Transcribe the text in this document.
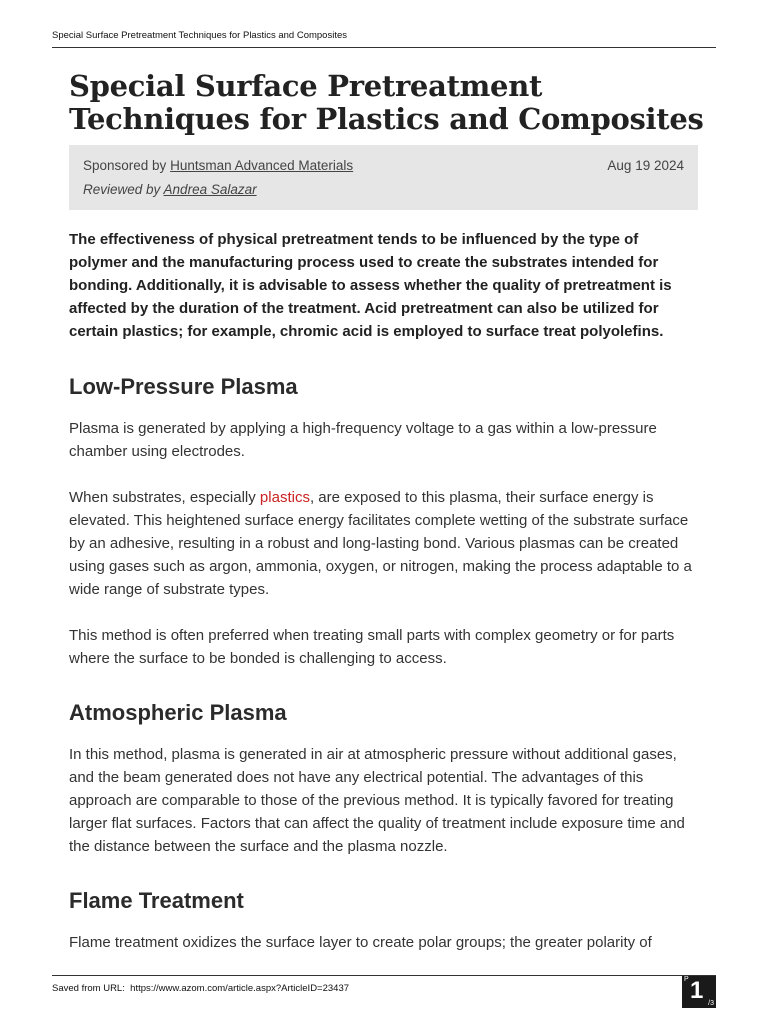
Special Surface Pretreatment Techniques for Plastics and Composites
Special Surface Pretreatment Techniques for Plastics and Composites
Sponsored by Huntsman Advanced Materials
Reviewed by Andrea Salazar
Aug 19 2024

The effectiveness of physical pretreatment tends to be influenced by the type of polymer and the manufacturing process used to create the substrates intended for bonding. Additionally, it is advisable to assess whether the quality of pretreatment is affected by the duration of the treatment. Acid pretreatment can also be utilized for certain plastics; for example, chromic acid is employed to surface treat polyolefins.

Low-Pressure Plasma

Plasma is generated by applying a high-frequency voltage to a gas within a low-pressure chamber using electrodes.

When substrates, especially plastics, are exposed to this plasma, their surface energy is elevated. This heightened surface energy facilitates complete wetting of the substrate surface by an adhesive, resulting in a robust and long-lasting bond. Various plasmas can be created using gases such as argon, ammonia, oxygen, or nitrogen, making the process adaptable to a wide range of substrate types.

This method is often preferred when treating small parts with complex geometry or for parts where the surface to be bonded is challenging to access.

Atmospheric Plasma

In this method, plasma is generated in air at atmospheric pressure without additional gases, and the beam generated does not have any electrical potential. The advantages of this approach are comparable to those of the previous method. It is typically favored for treating larger flat surfaces. Factors that can affect the quality of treatment include exposure time and the distance between the surface and the plasma nozzle.

Flame Treatment

Flame treatment oxidizes the surface layer to create polar groups; the greater polarity of

Saved from URL: https://www.azom.com/article.aspx?ArticleID=23437
P 1 /3
